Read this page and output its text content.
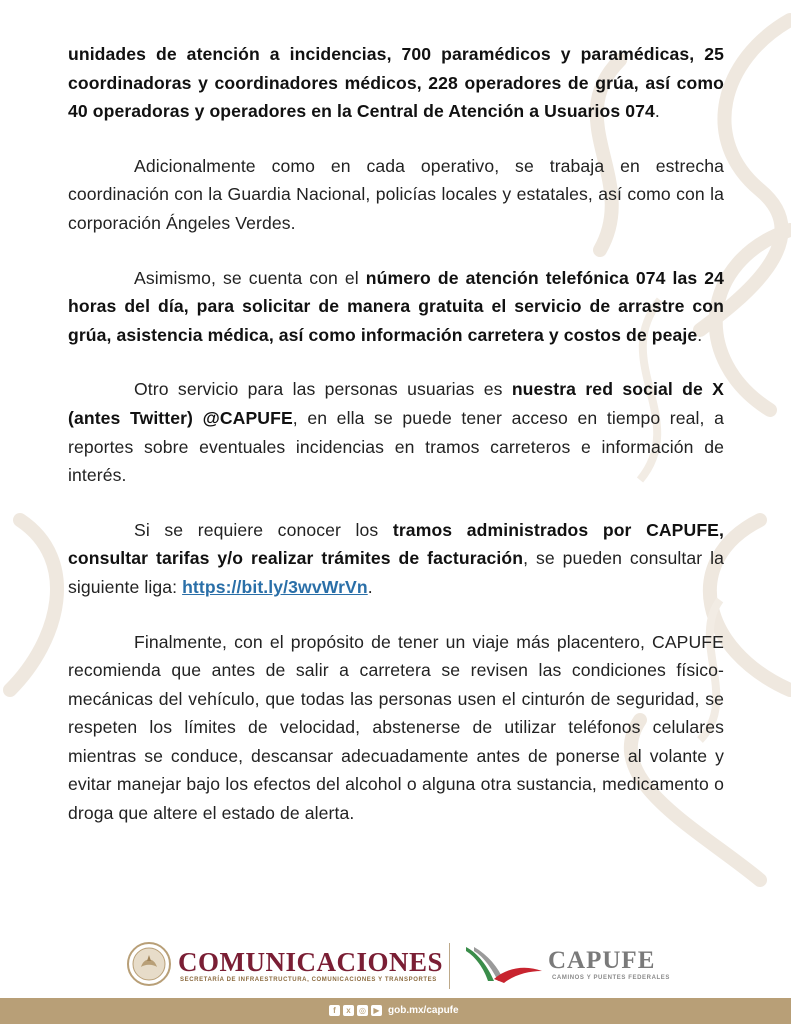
unidades de atención a incidencias, 700 paramédicos y paramédicas, 25 coordinadoras y coordinadores médicos, 228 operadores de grúa, así como 40 operadoras y operadores en la Central de Atención a Usuarios 074.

Adicionalmente como en cada operativo, se trabaja en estrecha coordinación con la Guardia Nacional, policías locales y estatales, así como con la corporación Ángeles Verdes.

Asimismo, se cuenta con el número de atención telefónica 074 las 24 horas del día, para solicitar de manera gratuita el servicio de arrastre con grúa, asistencia médica, así como información carretera y costos de peaje.

Otro servicio para las personas usuarias es nuestra red social de X (antes Twitter) @CAPUFE, en ella se puede tener acceso en tiempo real, a reportes sobre eventuales incidencias en tramos carreteros e información de interés.

Si se requiere conocer los tramos administrados por CAPUFE, consultar tarifas y/o realizar trámites de facturación, se pueden consultar la siguiente liga: https://bit.ly/3wvWrVn.

Finalmente, con el propósito de tener un viaje más placentero, CAPUFE recomienda que antes de salir a carretera se revisen las condiciones físico-mecánicas del vehículo, que todas las personas usen el cinturón de seguridad, se respeten los límites de velocidad, abstenerse de utilizar teléfonos celulares mientras se conduce, descansar adecuadamente antes de ponerse al volante y evitar manejar bajo los efectos del alcohol o alguna otra sustancia, medicamento o droga que altere el estado de alerta.

COMUNICACIONES
SECRETARÍA DE INFRAESTRUCTURA, COMUNICACIONES Y TRANSPORTES
CAPUFE
CAMINOS Y PUENTES FEDERALES
f	x	◎ ▶ gob.mx/capufe
